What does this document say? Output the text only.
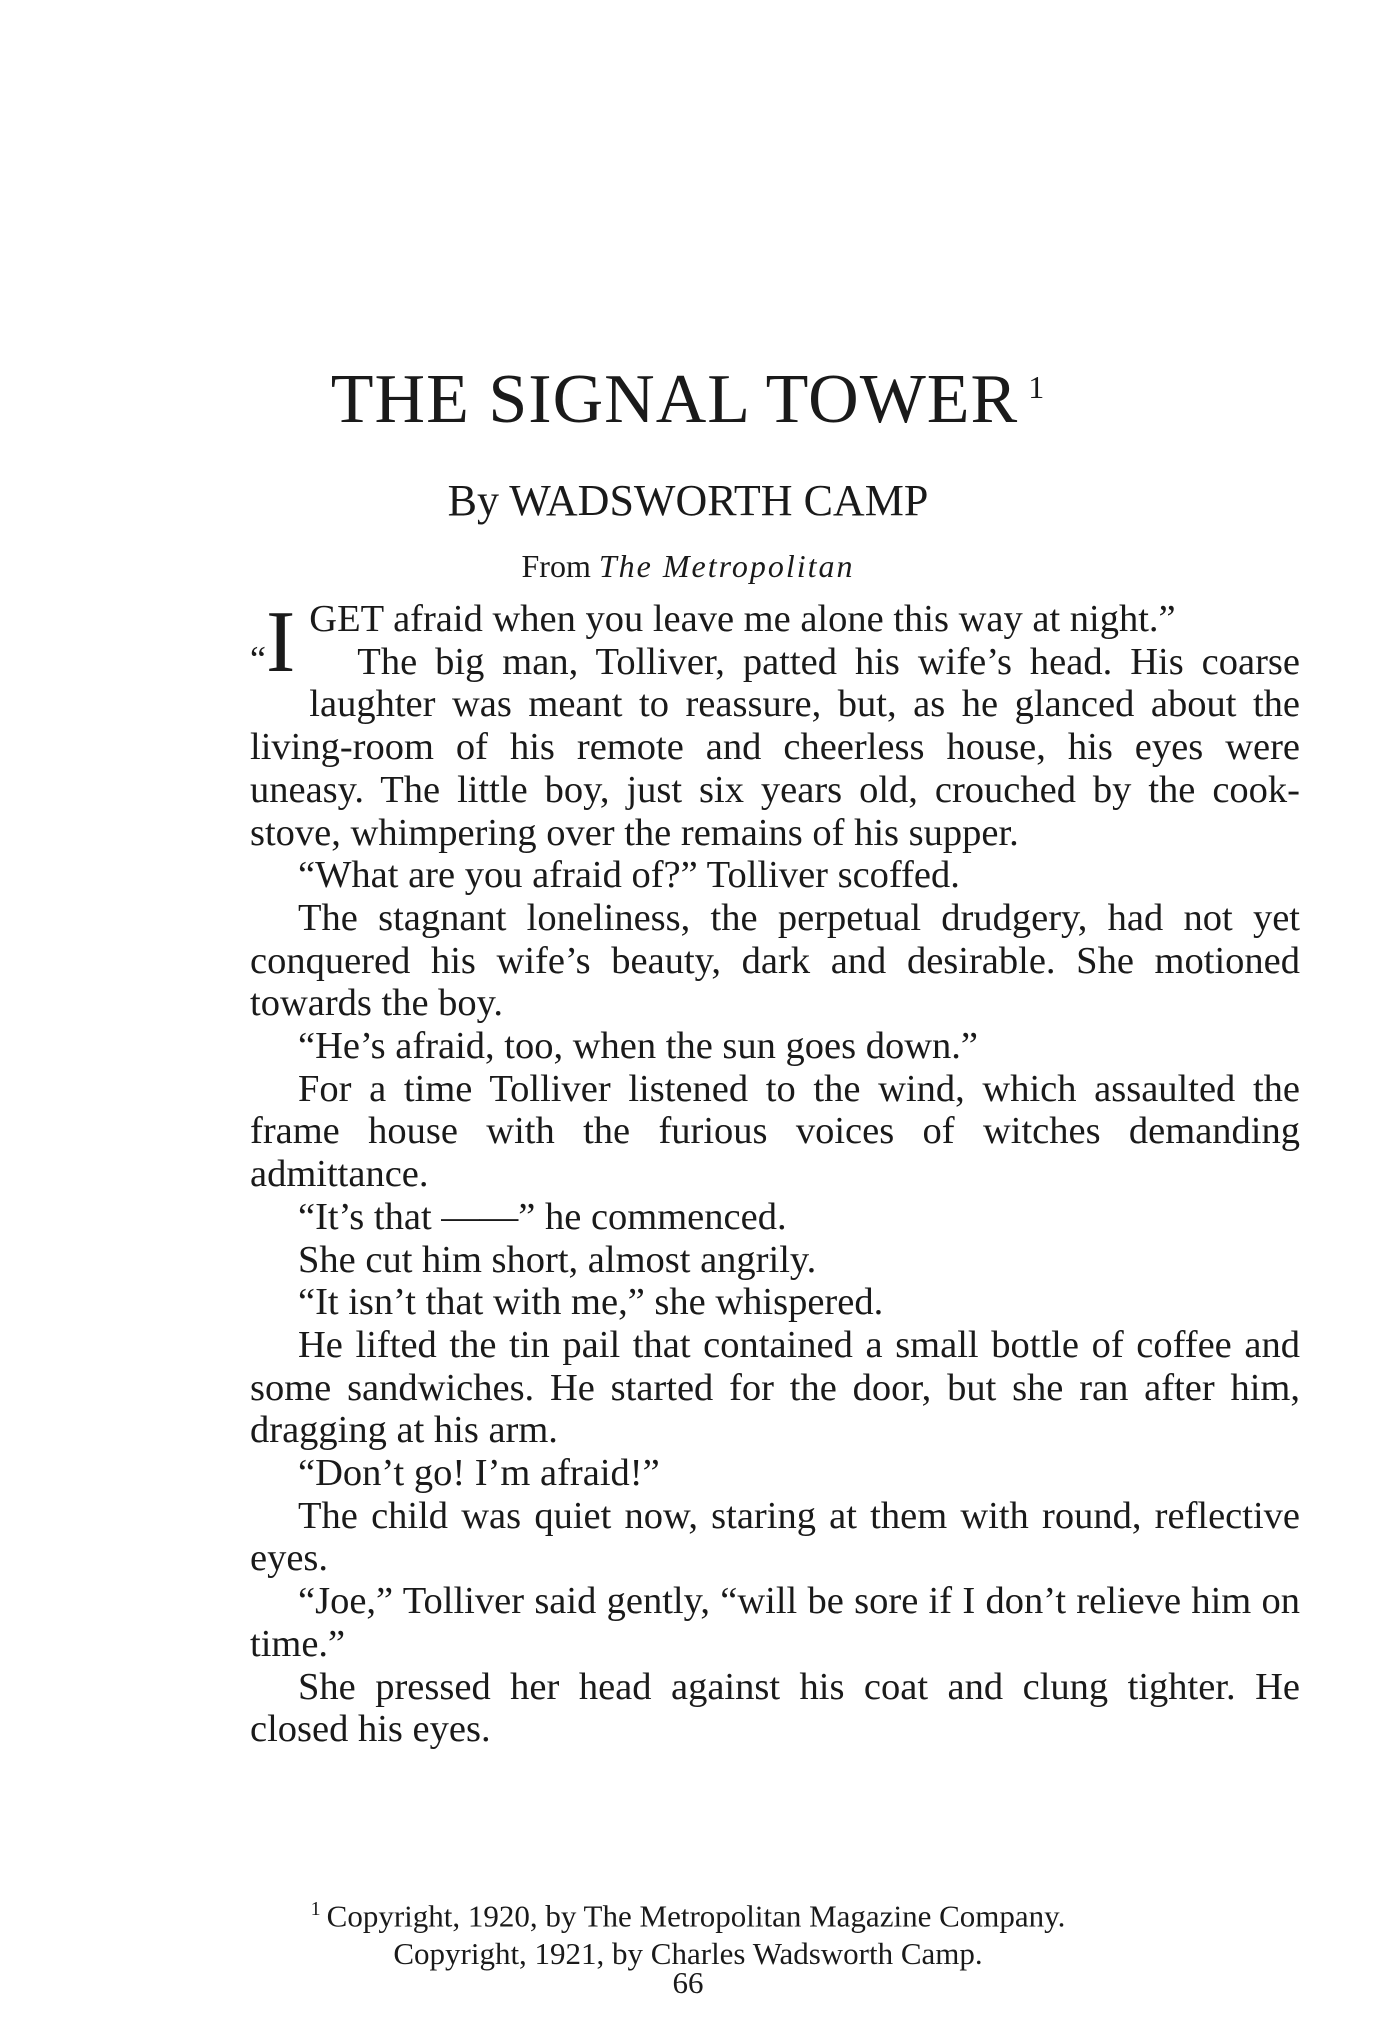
THE SIGNAL TOWER $^1$
By WADSWORTH CAMP
From The Metropolitan

“I GET afraid when you leave me alone this way at night.”

The big man, Tolliver, patted his wife’s head. His coarse laughter was meant to reassure, but, as he glanced about the living-room of his remote and cheerless house, his eyes were uneasy. The little boy, just six years old, crouched by the cook-stove, whimpering over the remains of his supper.

“What are you afraid of?” Tolliver scoffed.

The stagnant loneliness, the perpetual drudgery, had not yet conquered his wife’s beauty, dark and desirable. She motioned towards the boy.

“He’s afraid, too, when the sun goes down.”

For a time Tolliver listened to the wind, which assaulted the frame house with the furious voices of witches demanding admittance.

“It’s that ——” he commenced.

She cut him short, almost angrily.

“It isn’t that with me,” she whispered.

He lifted the tin pail that contained a small bottle of coffee and some sandwiches. He started for the door, but she ran after him, dragging at his arm.

“Don’t go! I’m afraid!”

The child was quiet now, staring at them with round, reflective eyes.

“Joe,” Tolliver said gently, “will be sore if I don’t relieve him on time.”

She pressed her head against his coat and clung tighter. He closed his eyes.

$^1$ Copyright, 1920, by The Metropolitan Magazine Company.
Copyright, 1921, by Charles Wadsworth Camp.
66
